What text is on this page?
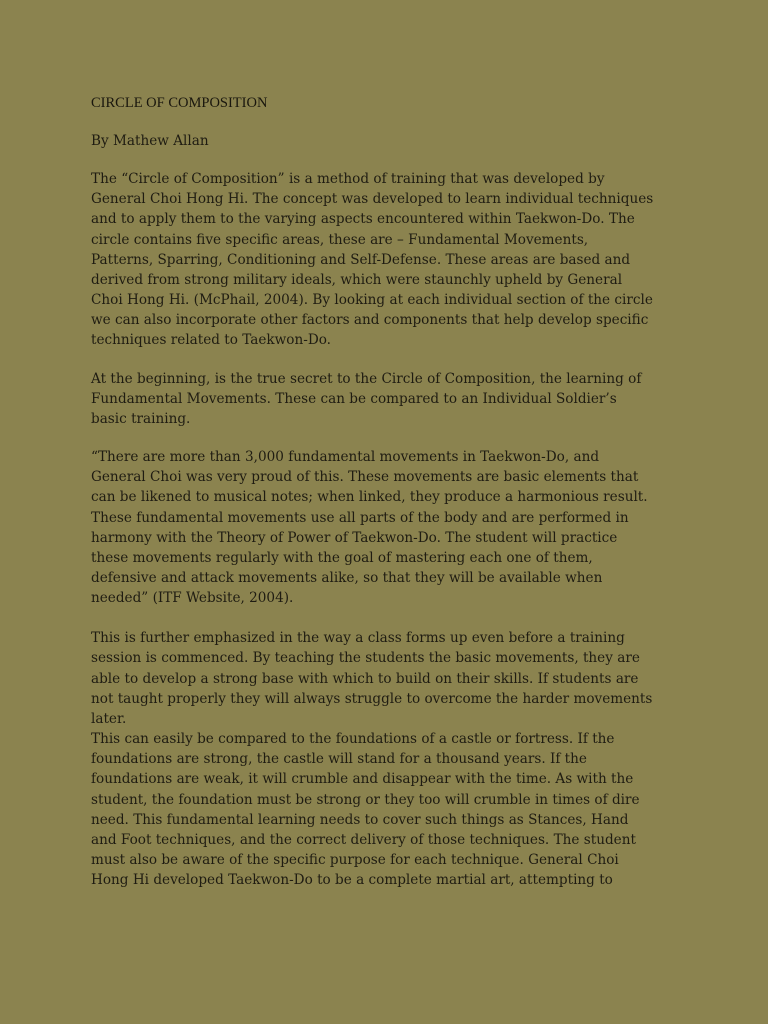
CIRCLE OF COMPOSITION
By Mathew Allan

The “Circle of Composition” is a method of training that was developed by
General Choi Hong Hi. The concept was developed to learn individual techniques
and to apply them to the varying aspects encountered within Taekwon-Do. The
circle contains five specific areas, these are – Fundamental Movements,
Patterns, Sparring, Conditioning and Self-Defense. These areas are based and
derived from strong military ideals, which were staunchly upheld by General
Choi Hong Hi. (McPhail, 2004). By looking at each individual section of the circle
we can also incorporate other factors and components that help develop specific
techniques related to Taekwon-Do.

At the beginning, is the true secret to the Circle of Composition, the learning of
Fundamental Movements. These can be compared to an Individual Soldier’s
basic training.

“There are more than 3,000 fundamental movements in Taekwon-Do, and
General Choi was very proud of this. These movements are basic elements that
can be likened to musical notes; when linked, they produce a harmonious result.
These fundamental movements use all parts of the body and are performed in
harmony with the Theory of Power of Taekwon-Do. The student will practice
these movements regularly with the goal of mastering each one of them,
defensive and attack movements alike, so that they will be available when
needed” (ITF Website, 2004).

This is further emphasized in the way a class forms up even before a training
session is commenced. By teaching the students the basic movements, they are
able to develop a strong base with which to build on their skills. If students are
not taught properly they will always struggle to overcome the harder movements
later.

This can easily be compared to the foundations of a castle or fortress. If the
foundations are strong, the castle will stand for a thousand years. If the
foundations are weak, it will crumble and disappear with the time. As with the
student, the foundation must be strong or they too will crumble in times of dire
need. This fundamental learning needs to cover such things as Stances, Hand
and Foot techniques, and the correct delivery of those techniques. The student
must also be aware of the specific purpose for each technique. General Choi
Hong Hi developed Taekwon-Do to be a complete martial art, attempting to
